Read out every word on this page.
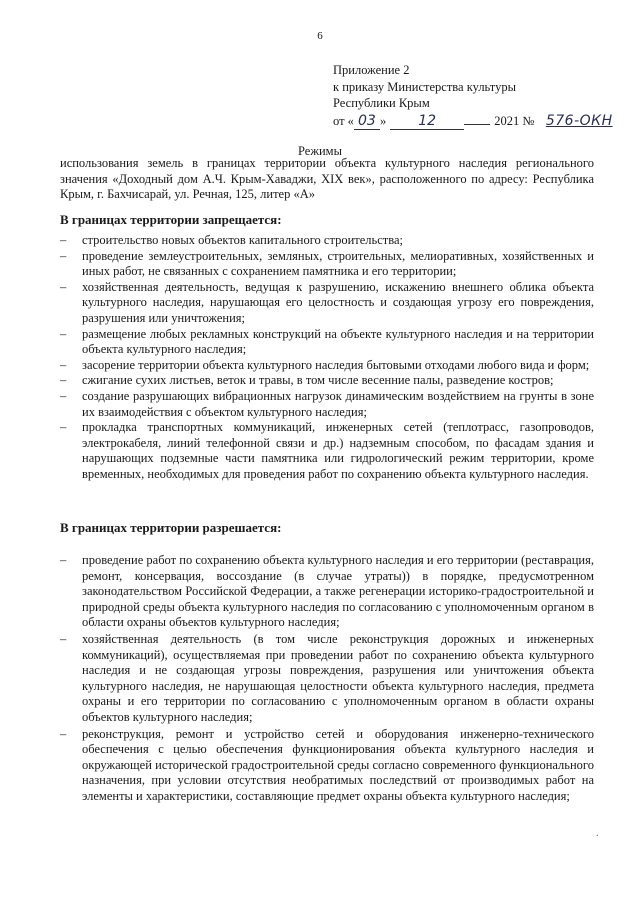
6
Приложение 2
к приказу Министерства культуры
Республики Крым
от « 03 »	12	2021 № 576-ОКН
Режимы
использования земель в границах территории объекта культурного наследия регионального значения «Доходный дом А.Ч. Крым-Хаваджи, XIX век», расположенного по адресу: Республика Крым, г. Бахчисарай, ул. Речная, 125, литер «А»
В границах территории запрещается:
– строительство новых объектов капитального строительства;
– проведение землеустроительных, земляных, строительных, мелиоративных, хозяйственных и иных работ, не связанных с сохранением памятника и его территории;
– хозяйственная деятельность, ведущая к разрушению, искажению внешнего облика объекта культурного наследия, нарушающая его целостность и создающая угрозу его повреждения, разрушения или уничтожения;
– размещение любых рекламных конструкций на объекте культурного наследия и на территории объекта культурного наследия;
– засорение территории объекта культурного наследия бытовыми отходами любого вида и форм;
– сжигание сухих листьев, веток и травы, в том числе весенние палы, разведение костров;
– создание разрушающих вибрационных нагрузок динамическим воздействием на грунты в зоне их взаимодействия с объектом культурного наследия;
– прокладка транспортных коммуникаций, инженерных сетей (теплотрасс, газопроводов, электрокабеля, линий телефонной связи и др.) надземным способом, по фасадам здания и нарушающих подземные части памятника или гидрологический режим территории, кроме временных, необходимых для проведения работ по сохранению объекта культурного наследия.
В границах территории разрешается:
– проведение работ по сохранению объекта культурного наследия и его территории (реставрация, ремонт, консервация, воссоздание (в случае утраты)) в порядке, предусмотренном законодательством Российской Федерации, а также регенерации историко-градостроительной и природной среды объекта культурного наследия по согласованию с уполномоченным органом в области охраны объектов культурного наследия;
– хозяйственная деятельность (в том числе реконструкция дорожных и инженерных коммуникаций), осуществляемая при проведении работ по сохранению объекта культурного наследия и не создающая угрозы повреждения, разрушения или уничтожения объекта культурного наследия, не нарушающая целостности объекта культурного наследия, предмета охраны и его территории по согласованию с уполномоченным органом в области охраны объектов культурного наследия;
– реконструкция, ремонт и устройство сетей и оборудования инженерно-технического обеспечения с целью обеспечения функционирования объекта культурного наследия и окружающей исторической градостроительной среды согласно современного функционального назначения, при условии отсутствия необратимых последствий от производимых работ на элементы и характеристики, составляющие предмет охраны объекта культурного наследия;
.
